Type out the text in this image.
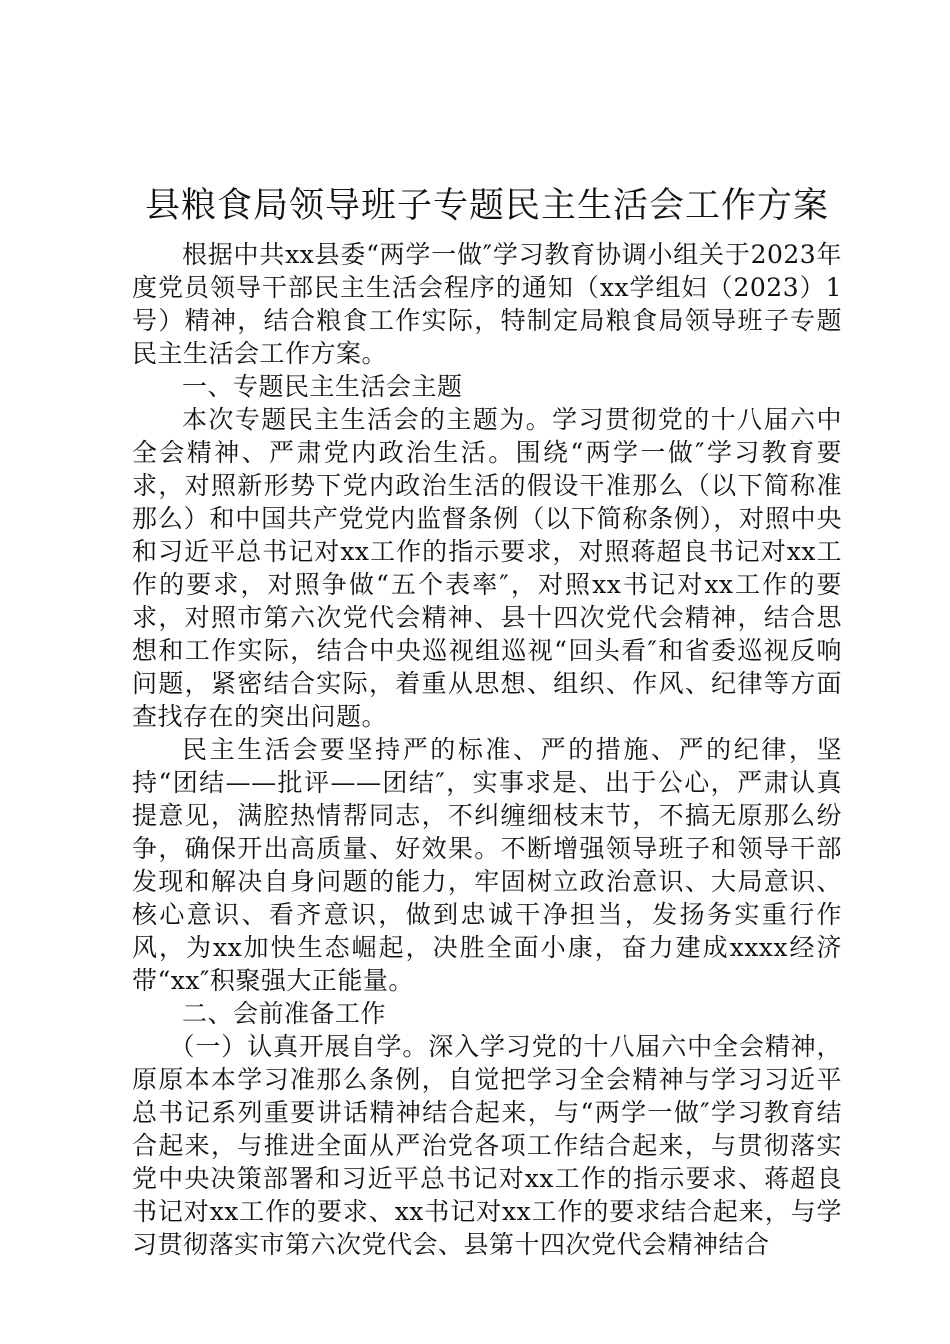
县粮食局领导班子专题民主生活会工作方案

根据中共xx县委“两学一做″学习教育协调小组关于2023年度党员领导干部民主生活会程序的通知（xx学组妇（2023）1号）精神，结合粮食工作实际，特制定局粮食局领导班子专题民主生活会工作方案。

一、专题民主生活会主题

本次专题民主生活会的主题为。学习贯彻党的十八届六中全会精神、严肃党内政治生活。围绕“两学一做″学习教育要求，对照新形势下党内政治生活的假设干准那么（以下简称准那么）和中国共产党党内监督条例（以下简称条例），对照中央和习近平总书记对xx工作的指示要求，对照蒋超良书记对xx工作的要求，对照争做“五个表率″，对照xx书记对xx工作的要求，对照市第六次党代会精神、县十四次党代会精神，结合思想和工作实际，结合中央巡视组巡视“回头看″和省委巡视反响问题，紧密结合实际，着重从思想、组织、作风、纪律等方面查找存在的突出问题。

民主生活会要坚持严的标准、严的措施、严的纪律，坚持“团结——批评——团结″，实事求是、出于公心，严肃认真提意见，满腔热情帮同志，不纠缠细枝末节，不搞无原那么纷争，确保开出高质量、好效果。不断增强领导班子和领导干部发现和解决自身问题的能力，牢固树立政治意识、大局意识、核心意识、看齐意识，做到忠诚干净担当，发扬务实重行作风，为xx加快生态崛起，决胜全面小康，奋力建成xxxx经济带“xx″积聚强大正能量。

二、会前准备工作

（一）认真开展自学。深入学习党的十八届六中全会精神，原原本本学习准那么条例，自觉把学习全会精神与学习习近平总书记系列重要讲话精神结合起来，与“两学一做″学习教育结合起来，与推进全面从严治党各项工作结合起来，与贯彻落实党中央决策部署和习近平总书记对xx工作的指示要求、蒋超良书记对xx工作的要求、xx书记对xx工作的要求结合起来，与学习贯彻落实市第六次党代会、县第十四次党代会精神结合
